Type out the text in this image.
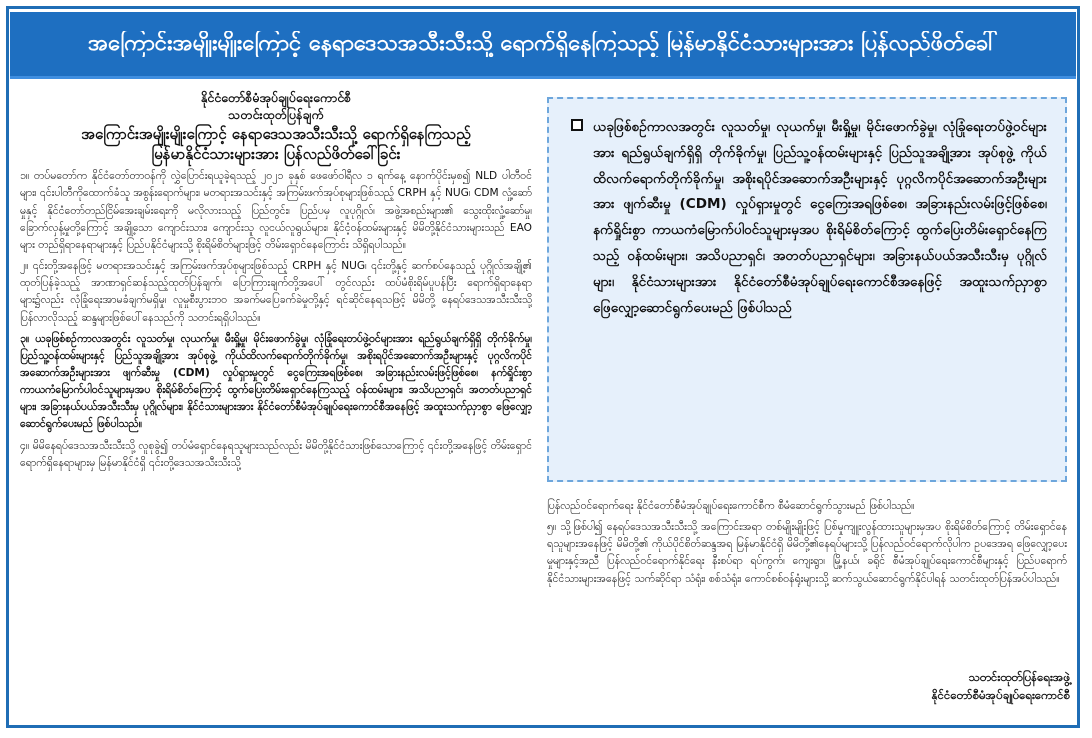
အကြောင်းအမျိုးမျိုးကြောင့် နေရာဒေသအသီးသီးသို့ ရောက်ရှိနေကြသည့် မြန်မာနိုင်ငံသားများအား ပြန်လည်ဖိတ်ခေါ်
နိုင်ငံတော်စီမံအုပ်ချုပ်ရေးကောင်စီ
သတင်းထုတ်ပြန်ချက်
အကြောင်းအမျိုးမျိုးကြောင့် နေရာဒေသအသီးသီးသို့ ရောက်ရှိနေကြသည့်
မြန်မာနိုင်ငံသားများအား ပြန်လည်ဖိတ်ခေါ်ခြင်း

၁။ တပ်မတော်က နိုင်ငံတော်တာဝန်ကို လွှဲပြောင်းရယူခဲ့ရသည့် ၂၀၂၁ ခုနှစ် ဖေဖော်ဝါရီလ ၁ ရက်နေ့ နောက်ပိုင်းမှစ၍ NLD ပါတီဝင်များ၊ ၎င်းပါတီကိုထောက်ခံသူ အစွန်းရောက်များ၊ မတရားအသင်းနှင့် အကြမ်းဖက်အုပ်စုများဖြစ်သည့် CRPH နှင့် NUG၊ CDM လှုံ့ဆော်မှုနှင့် နိုင်ငံတော်တည်ငြိမ်အေးချမ်းရေးကို မလိုလားသည့် ပြည်တွင်း၊ ပြည်ပမှ လူပုဂ္ဂိုလ်၊ အဖွဲ့အစည်းများ၏ သွေးထိုးလှုံ့ဆော်မှု၊ ခြောက်လှန့်မှုတို့ကြောင့် အချို့သော ကျောင်းသား၊ ကျောင်းသူ လူငယ်လူရွယ်များ၊ နိုင်ငံ့ဝန်ထမ်းများနှင့် မိမိတို့နိုင်ငံသားများသည် EAO များ တည်ရှိရာနေရာများနှင့် ပြည်ပနိုင်ငံများသို့ စိုးရိမ်စိတ်များဖြင့် တိမ်းရှောင်နေကြောင်း သိရှိရပါသည်။

၂။ ၎င်းတို့အနေဖြင့် မတရားအသင်းနှင့် အကြမ်းဖက်အုပ်စုများဖြစ်သည့် CRPH နှင့် NUG၊ ၎င်းတို့နှင့် ဆက်စပ်နေသည့် ပုဂ္ဂိုလ်အချို့၏ ထုတ်ပြန်ခဲ့သည့် အာဏာရှင်ဆန်သည့်ထုတ်ပြန်ချက်၊ ပြောကြားချက်တို့အပေါ် တွင်လည်း ထပ်မံစိုးရိမ်ပူပန်ပြီး ရောက်ရှိရာနေရာများ၌လည်း လုံခြုံရေးအာမခံချက်မရှိမှု၊ လူမှုစီးပွားဘဝ အခက်မပြေခက်ခဲမှုတို့နှင့် ရင်ဆိုင်နေရသဖြင့် မိမိတို့ နေရပ်ဒေသအသီးသီးသို့ ပြန်လာလိုသည့် ဆန္ဒများဖြစ်ပေါ်နေသည်ကို သတင်းရရှိပါသည်။

၃။ ယခုဖြစ်စဉ်ကာလအတွင်း လူသတ်မှု၊ လုယက်မှု၊ မီးရှို့မှု၊ မိုင်းဖောက်ခွဲမှု၊ လုံခြုံရေးတပ်ဖွဲ့ဝင်များအား ရည်ရွယ်ချက်ရှိရှိ တိုက်ခိုက်မှု၊ ပြည်သူ့ဝန်ထမ်းများနှင့် ပြည်သူအချို့အား အုပ်စုဖွဲ့ ကိုယ်ထိလက်ရောက်တိုက်ခိုက်မှု၊ အစိုးရပိုင်အဆောက်အဦးများနှင့် ပုဂ္ဂလိကပိုင်အဆောက်အဦးများအား ဖျက်ဆီးမှု (CDM) လှုပ်ရှားမှုတွင် ငွေကြေးအရဖြစ်စေ၊ အခြားနည်းလမ်းဖြင့်ဖြစ်စေ၊ နက်ရှိုင်းစွာ ကာယကံမြောက်ပါဝင်သူများမှအပ စိုးရိမ်စိတ်ကြောင့် ထွက်ပြေးတိမ်းရှောင်နေကြသည့် ဝန်ထမ်းများ၊ အသိပညာရှင်၊ အတတ်ပညာရှင်များ၊ အခြားနယ်ပယ်အသီးသီးမှ ပုဂ္ဂိုလ်များ၊ နိုင်ငံသားများအား နိုင်ငံတော်စီမံအုပ်ချုပ်ရေးကောင်စီအနေဖြင့် အထူးသက်ညှာစွာ ဖြေလျှော့ဆောင်ရွက်ပေးမည် ဖြစ်ပါသည်။

၄။ မိမိနေရပ်ဒေသအသီးသီးသို့ လူစုခွဲ၍ တပ်မံရှောင်နေရသူများသည်လည်း မိမိတို့နိုင်ငံသားဖြစ်သောကြောင့် ၎င်းတို့အနေဖြင့် တိမ်းရှောင်ရောက်ရှိနေရာများမှ မြန်မာနိုင်ငံရှိ ၎င်းတို့ဒေသအသီးသီးသို့

ယခုဖြစ်စဉ်ကာလအတွင်း လူသတ်မှု၊ လုယက်မှု၊ မီးရှို့မှု၊ မိုင်းဖောက်ခွဲမှု၊ လုံခြုံရေးတပ်ဖွဲ့ဝင်များအား ရည်ရွယ်ချက်ရှိရှိ တိုက်ခိုက်မှု၊ ပြည်သူ့ဝန်ထမ်းများနှင့် ပြည်သူအချို့အား အုပ်စုဖွဲ့ ကိုယ်ထိလက်ရောက်တိုက်ခိုက်မှု၊ အစိုးရပိုင်အဆောက်အဦးများနှင့် ပုဂ္ဂလိကပိုင်အဆောက်အဦးများအား ဖျက်ဆီးမှု (CDM) လှုပ်ရှားမှုတွင် ငွေကြေးအရဖြစ်စေ၊ အခြားနည်းလမ်းဖြင့်ဖြစ်စေ၊ နက်ရှိုင်းစွာ ကာယကံမြောက်ပါဝင်သူများမှအပ စိုးရိမ်စိတ်ကြောင့် ထွက်ပြေးတိမ်းရှောင်နေကြသည့် ဝန်ထမ်းများ၊ အသိပညာရှင်၊ အတတ်ပညာရှင်များ၊ အခြားနယ်ပယ်အသီးသီးမှ ပုဂ္ဂိုလ်များ၊ နိုင်ငံသားများအား နိုင်ငံတော်စီမံအုပ်ချုပ်ရေးကောင်စီအနေဖြင့် အထူးသက်ညှာစွာ ဖြေလျှော့ဆောင်ရွက်ပေးမည် ဖြစ်ပါသည်

ပြန်လည်ဝင်ရောက်ရေး နိုင်ငံတော်စီမံအုပ်ချုပ်ရေးကောင်စီက စီမံဆောင်ရွက်သွားမည် ဖြစ်ပါသည်။

၅။ သို့ဖြစ်ပါ၍ နေရပ်ဒေသအသီးသီးသို့ အကြောင်းအရာ တစ်မျိုးမျိုးဖြင့် ပြစ်မှုကျူးလွန်ထားသူများမှအပ စိုးရိမ်စိတ်ကြောင့် တိမ်းရှောင်နေရသူများအနေဖြင့် မိမိတို့၏ ကိုယ်ပိုင်စိတ်ဆန္ဒအရ မြန်မာနိုင်ငံရှိ မိမိတို့၏နေရပ်များသို့ ပြန်လည်ဝင်ရောက်လိုပါက ဥပဒေအရ ဖြေလျှော့ပေးမှုများနှင့်အညီ ပြန်လည်ဝင်ရောက်နိုင်ရေး နီးစပ်ရာ ရပ်ကွက်၊ ကျေးရွာ၊ မြို့နယ်၊ ခရိုင် စီမံအုပ်ချုပ်ရေးကောင်စီများနှင့် ပြည်ပရောက်နိုင်ငံသားများအနေဖြင့် သက်ဆိုင်ရာ သံရုံး၊ စစ်သံရုံး၊ ကောင်စစ်ဝန်ရုံးများသို့ ဆက်သွယ်ဆောင်ရွက်နိုင်ပါရန် သတင်းထုတ်ပြန်အပ်ပါသည်။

သတင်းထုတ်ပြန်ရေးအဖွဲ့
နိုင်ငံတော်စီမံအုပ်ချုပ်ရေးကောင်စီ
